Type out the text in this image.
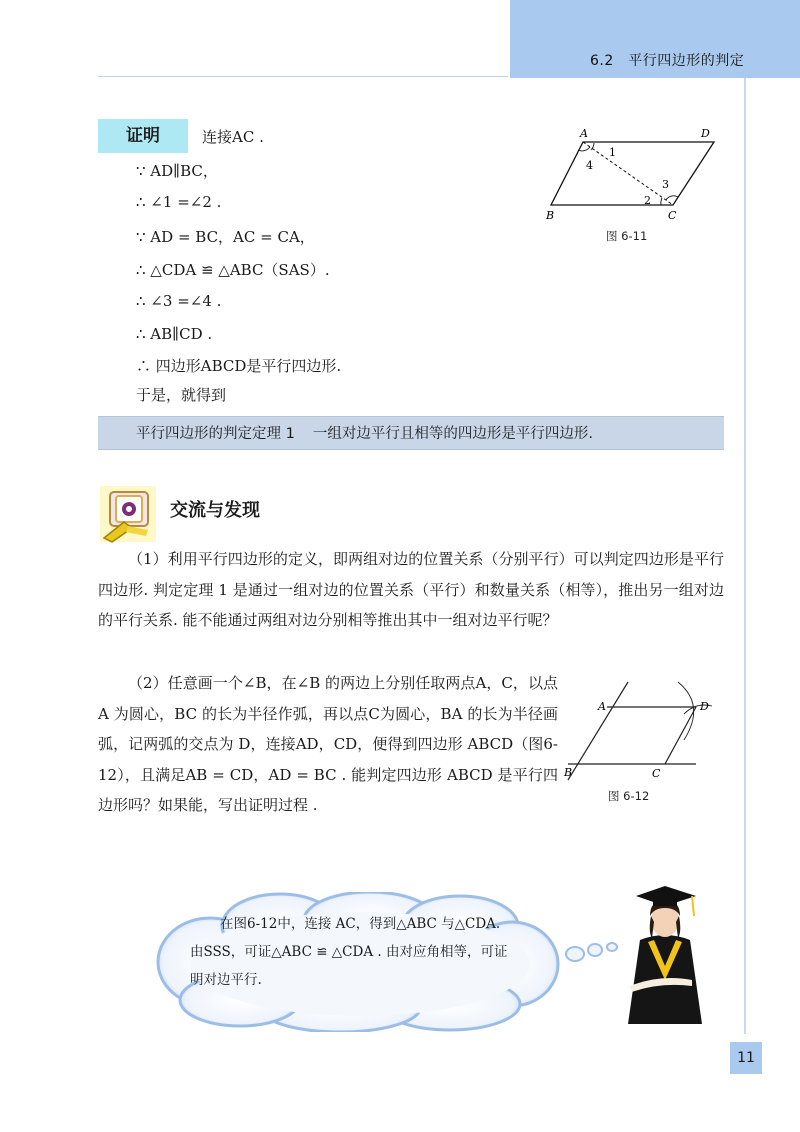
6.2　平行四边形的判定
证明	连接AC .
∵ AD∥BC，
∴ ∠1 =∠2 .
∵ AD = BC，AC = CA，
∴ △CDA ≌ △ABC（SAS）.
∴ ∠3 =∠4 .
∴ AB∥CD .
∴ 四边形ABCD是平行四边形.
于是，就得到
A	D
B	C
1
2
3
4
图 6-11
平行四边形的判定定理 1 一组对边平行且相等的四边形是平行四边形.
交流与发现
（1）利用平行四边形的定义，即两组对边的位置关系（分别平行）可以判定四边形是平行四边形. 判定定理 1 是通过一组对边的位置关系（平行）和数量关系（相等），推出另一组对边的平行关系. 能不能通过两组对边分别相等推出其中一组对边平行呢？
（2）任意画一个∠B，在∠B 的两边上分别任取两点A，C，以点 A 为圆心，BC 的长为半径作弧，再以点C为圆心，BA 的长为半径画弧，记两弧的交点为 D，连接AD，CD，便得到四边形 ABCD（图6-12），且满足AB = CD，AD = BC . 能判定四边形 ABCD 是平行四边形吗？如果能，写出证明过程 .
A	D
B	C
图 6-12
在图6-12中，连接 AC，得到△ABC 与△CDA. 由SSS，可证△ABC ≌ △CDA . 由对应角相等，可证明对边平行.
11
